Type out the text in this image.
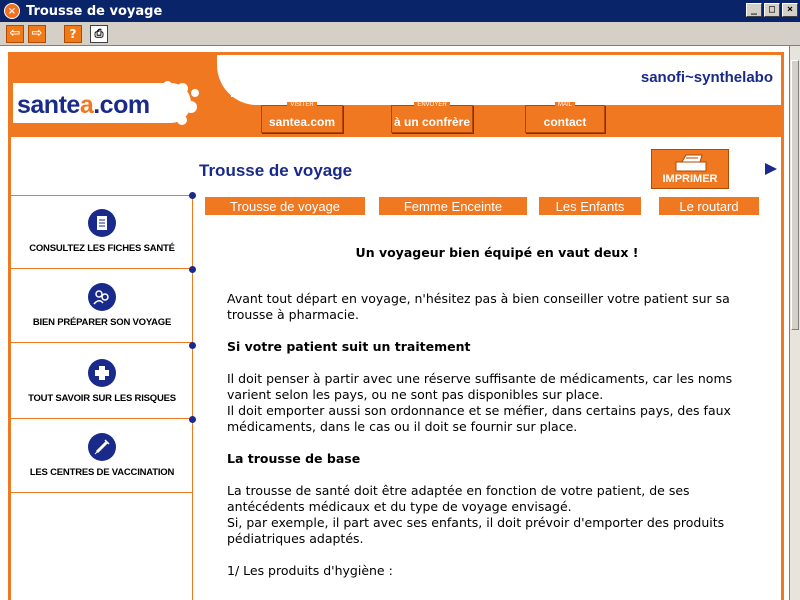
× Trousse de voyage	_	□	×
⇦ ⇨	?	⎙
santea.com
sanofi~synthelabo
VISITER
santea.com
ENVOYER
à un confrère
MAIL
contact
Trousse de voyage	IMPRIMER
Trousse de voyage	Femme Enceinte	Les Enfants	Le routard
CONSULTEZ LES FICHES SANTÉ
BIEN PRÉPARER SON VOYAGE
TOUT SAVOIR SUR LES RISQUES
LES CENTRES DE VACCINATION
Un voyageur bien équipé en vaut deux !
Avant tout départ en voyage, n'hésitez pas à bien conseiller votre patient sur sa trousse à pharmacie.
Si votre patient suit un traitement
Il doit penser à partir avec une réserve suffisante de médicaments, car les noms varient selon les pays, ou ne sont pas disponibles sur place.
Il doit emporter aussi son ordonnance et se méfier, dans certains pays, des faux médicaments, dans le cas ou il doit se fournir sur place.
La trousse de base
La trousse de santé doit être adaptée en fonction de votre patient, de ses antécédents médicaux et du type de voyage envisagé.
Si, par exemple, il part avec ses enfants, il doit prévoir d'emporter des produits pédiatriques adaptés.
1/ Les produits d'hygiène :
